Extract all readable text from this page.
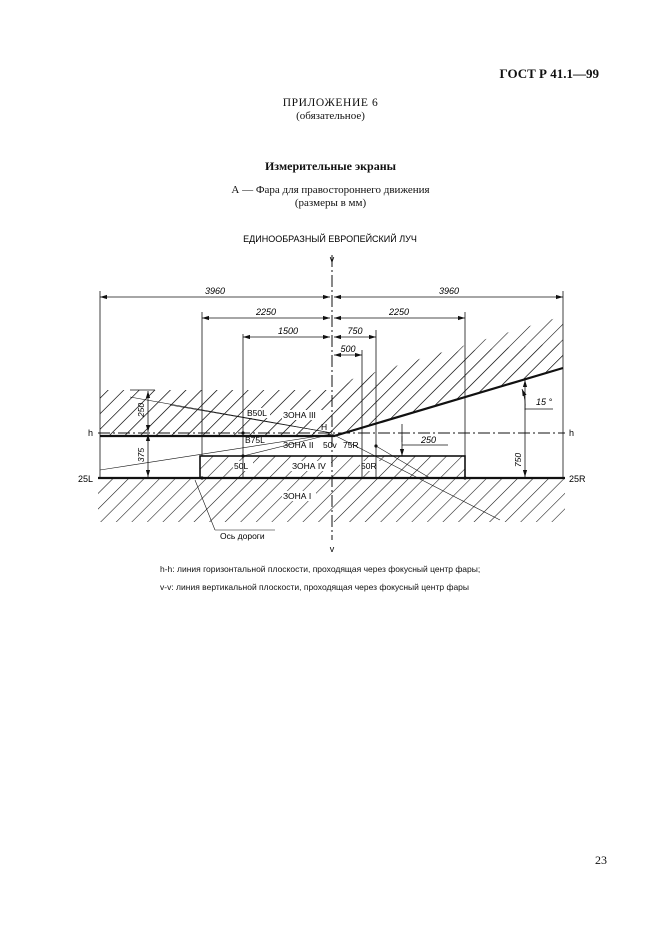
ГОСТ Р 41.1—99
ПРИЛОЖЕНИЕ 6
(обязательное)
Измерительные экраны
А — Фара для правостороннего движения
(размеры в мм)
ЕДИНООБРАЗНЫЙ ЕВРОПЕЙСКИЙ ЛУЧ
3960	3960
2250	2250
1500	750
500
250
375	750
250
15 °
v
v
h	h
25L	25R
B50L
B75L
H
50v 75R
50L	50R
ЗОНА III
ЗОНА II
ЗОНА IV
ЗОНА I
Ось дороги
h-h: линия горизонтальной плоскости, проходящая через фокусный центр фары;
v-v: линия вертикальной плоскости, проходящая через фокусный центр фары
23
